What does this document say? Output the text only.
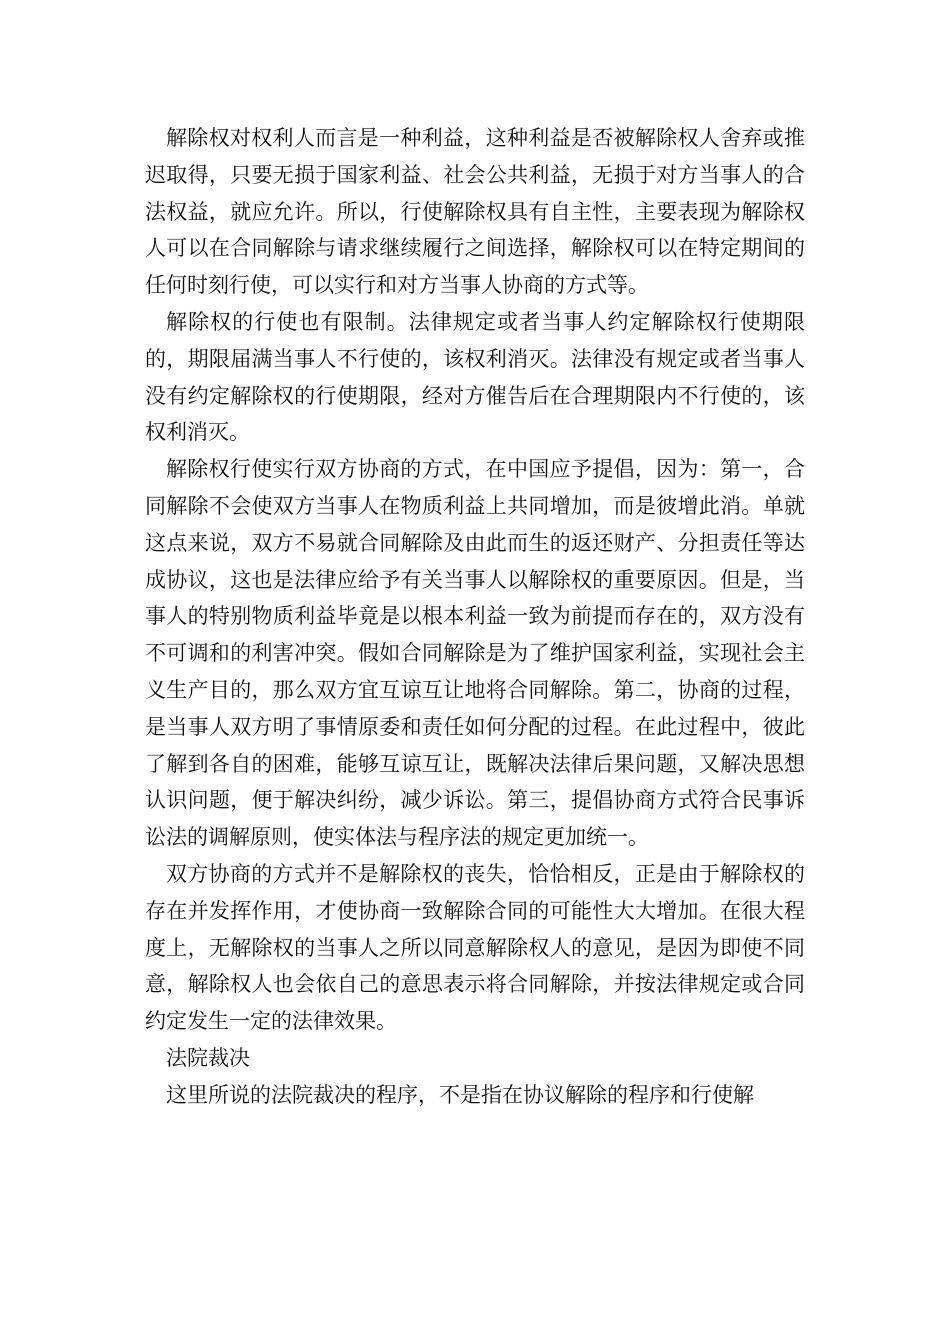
解除权对权利人而言是一种利益，这种利益是否被解除权人舍弃或推迟取得，只要无损于国家利益、社会公共利益，无损于对方当事人的合法权益，就应允许。所以，行使解除权具有自主性，主要表现为解除权人可以在合同解除与请求继续履行之间选择，解除权可以在特定期间的任何时刻行使，可以实行和对方当事人协商的方式等。

解除权的行使也有限制。法律规定或者当事人约定解除权行使期限的，期限届满当事人不行使的，该权利消灭。法律没有规定或者当事人没有约定解除权的行使期限，经对方催告后在合理期限内不行使的，该权利消灭。

解除权行使实行双方协商的方式，在中国应予提倡，因为：第一，合同解除不会使双方当事人在物质利益上共同增加，而是彼增此消。单就这点来说，双方不易就合同解除及由此而生的返还财产、分担责任等达成协议，这也是法律应给予有关当事人以解除权的重要原因。但是，当事人的特别物质利益毕竟是以根本利益一致为前提而存在的，双方没有不可调和的利害冲突。假如合同解除是为了维护国家利益，实现社会主义生产目的，那么双方宜互谅互让地将合同解除。第二，协商的过程，是当事人双方明了事情原委和责任如何分配的过程。在此过程中，彼此了解到各自的困难，能够互谅互让，既解决法律后果问题，又解决思想认识问题，便于解决纠纷，减少诉讼。第三，提倡协商方式符合民事诉讼法的调解原则，使实体法与程序法的规定更加统一。

双方协商的方式并不是解除权的丧失，恰恰相反，正是由于解除权的存在并发挥作用，才使协商一致解除合同的可能性大大增加。在很大程度上，无解除权的当事人之所以同意解除权人的意见，是因为即使不同意，解除权人也会依自己的意思表示将合同解除，并按法律规定或合同约定发生一定的法律效果。

法院裁决

这里所说的法院裁决的程序，不是指在协议解除的程序和行使解
